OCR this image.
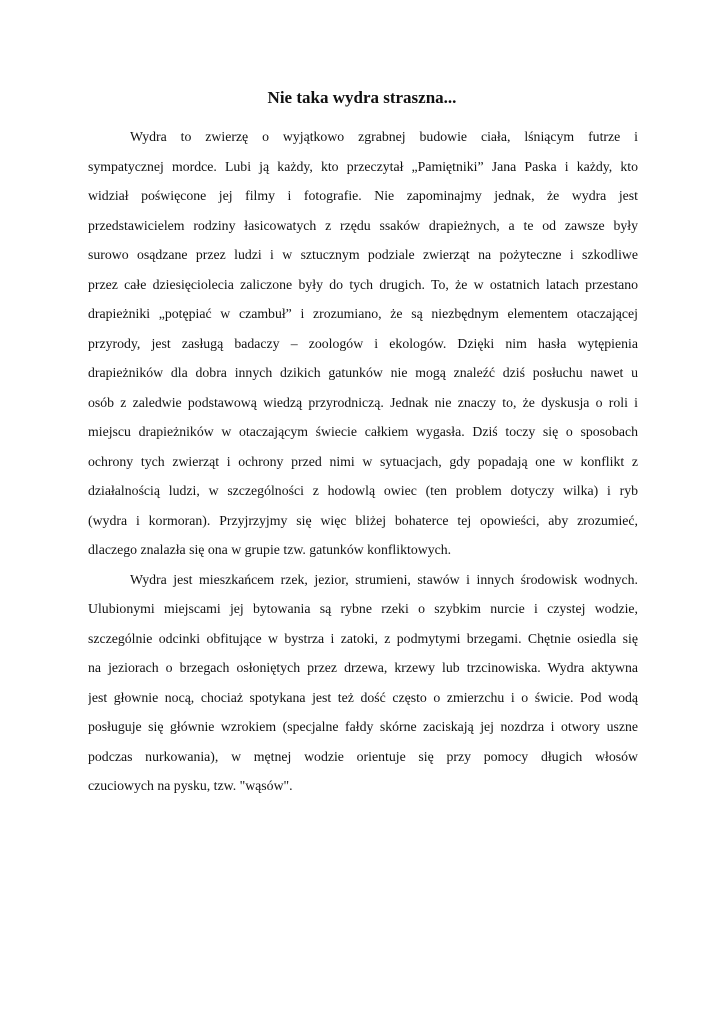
Nie taka wydra straszna...

Wydra to zwierzę o wyjątkowo zgrabnej budowie ciała, lśniącym futrze i
sympatycznej mordce. Lubi ją każdy, kto przeczytał „Pamiętniki” Jana Paska i każdy, kto
widział poświęcone jej filmy i fotografie. Nie zapominajmy jednak, że wydra jest
przedstawicielem rodziny łasicowatych z rzędu ssaków drapieżnych, a te od zawsze były
surowo osądzane przez ludzi i w sztucznym podziale zwierząt na pożyteczne i szkodliwe
przez całe dziesięciolecia zaliczone były do tych drugich. To, że w ostatnich latach przestano
drapieżniki „potępiać w czambuł” i zrozumiano, że są niezbędnym elementem otaczającej
przyrody, jest zasługą badaczy – zoologów i ekologów. Dzięki nim hasła wytępienia
drapieżników dla dobra innych dzikich gatunków nie mogą znaleźć dziś posłuchu nawet u
osób z zaledwie podstawową wiedzą przyrodniczą. Jednak nie znaczy to, że dyskusja o roli i
miejscu drapieżników w otaczającym świecie całkiem wygasła. Dziś toczy się o sposobach
ochrony tych zwierząt i ochrony przed nimi w sytuacjach, gdy popadają one w konflikt z
działalnością ludzi, w szczególności z hodowlą owiec (ten problem dotyczy wilka) i ryb
(wydra i kormoran). Przyjrzyjmy się więc bliżej bohaterce tej opowieści, aby zrozumieć,
dlaczego znalazła się ona w grupie tzw. gatunków konfliktowych.

Wydra jest mieszkańcem rzek, jezior, strumieni, stawów i innych środowisk wodnych.
Ulubionymi miejscami jej bytowania są rybne rzeki o szybkim nurcie i czystej wodzie,
szczególnie odcinki obfitujące w bystrza i zatoki, z podmytymi brzegami. Chętnie osiedla się
na jeziorach o brzegach osłoniętych przez drzewa, krzewy lub trzcinowiska. Wydra aktywna
jest głownie nocą, chociaż spotykana jest też dość często o zmierzchu i o świcie. Pod wodą
posługuje się głównie wzrokiem (specjalne fałdy skórne zaciskają jej nozdrza i otwory uszne
podczas nurkowania), w mętnej wodzie orientuje się przy pomocy długich włosów
czuciowych na pysku, tzw. "wąsów".
